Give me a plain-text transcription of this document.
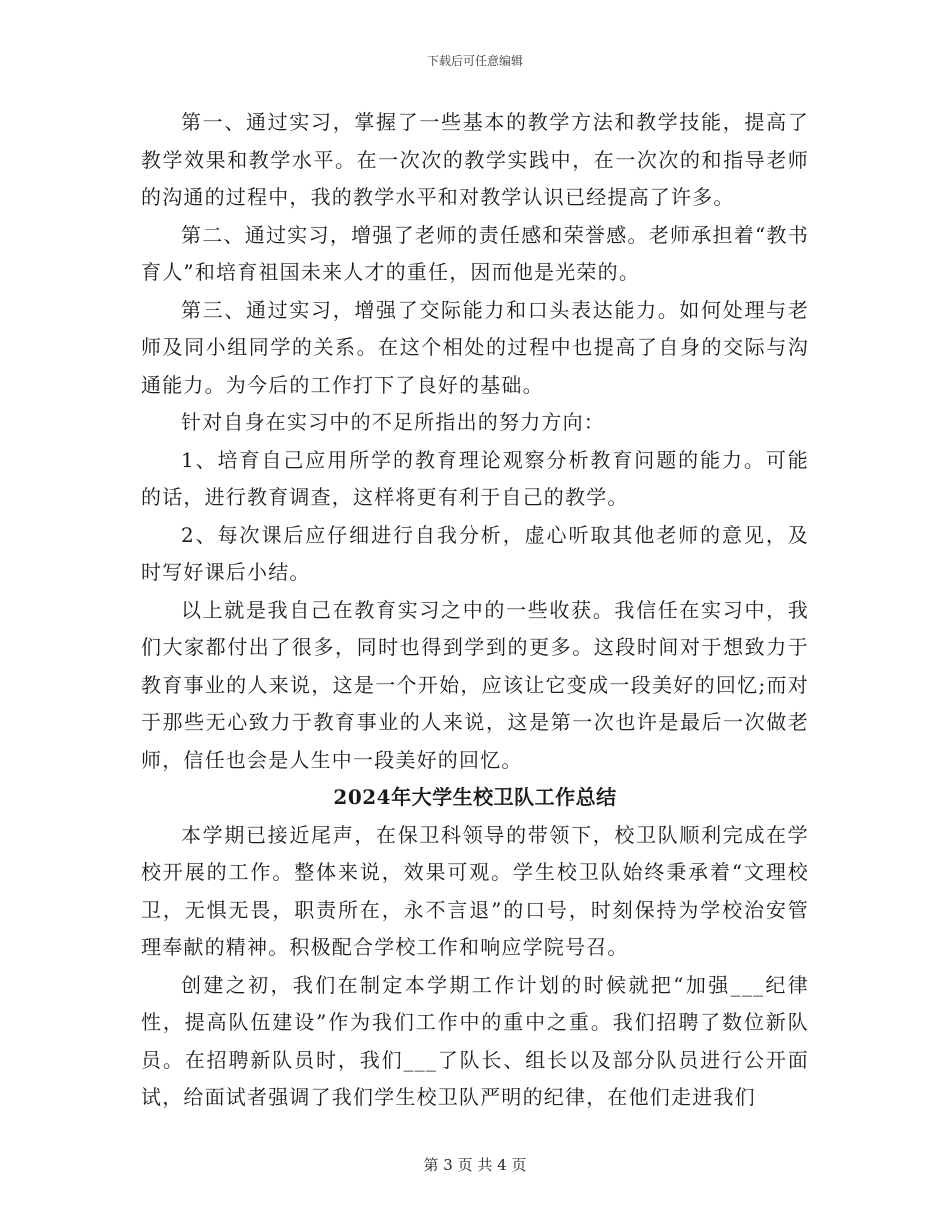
下载后可任意编辑

第一、通过实习，掌握了一些基本的教学方法和教学技能，提高了教学效果和教学水平。在一次次的教学实践中，在一次次的和指导老师的沟通的过程中，我的教学水平和对教学认识已经提高了许多。

第二、通过实习，增强了老师的责任感和荣誉感。老师承担着“教书育人”和培育祖国未来人才的重任，因而他是光荣的。

第三、通过实习，增强了交际能力和口头表达能力。如何处理与老师及同小组同学的关系。在这个相处的过程中也提高了自身的交际与沟通能力。为今后的工作打下了良好的基础。

针对自身在实习中的不足所指出的努力方向：

1、培育自己应用所学的教育理论观察分析教育问题的能力。可能的话，进行教育调查，这样将更有利于自己的教学。

2、每次课后应仔细进行自我分析，虚心听取其他老师的意见，及时写好课后小结。

以上就是我自己在教育实习之中的一些收获。我信任在实习中，我们大家都付出了很多，同时也得到学到的更多。这段时间对于想致力于教育事业的人来说，这是一个开始，应该让它变成一段美好的回忆;而对于那些无心致力于教育事业的人来说，这是第一次也许是最后一次做老师，信任也会是人生中一段美好的回忆。

2024年大学生校卫队工作总结

本学期已接近尾声，在保卫科领导的带领下，校卫队顺利完成在学校开展的工作。整体来说，效果可观。学生校卫队始终秉承着“文理校卫，无惧无畏，职责所在，永不言退”的口号，时刻保持为学校治安管理奉献的精神。积极配合学校工作和响应学院号召。

创建之初，我们在制定本学期工作计划的时候就把“加强___纪律性，提高队伍建设”作为我们工作中的重中之重。我们招聘了数位新队员。在招聘新队员时，我们___了队长、组长以及部分队员进行公开面试，给面试者强调了我们学生校卫队严明的纪律，在他们走进我们

第 3 页 共 4 页
